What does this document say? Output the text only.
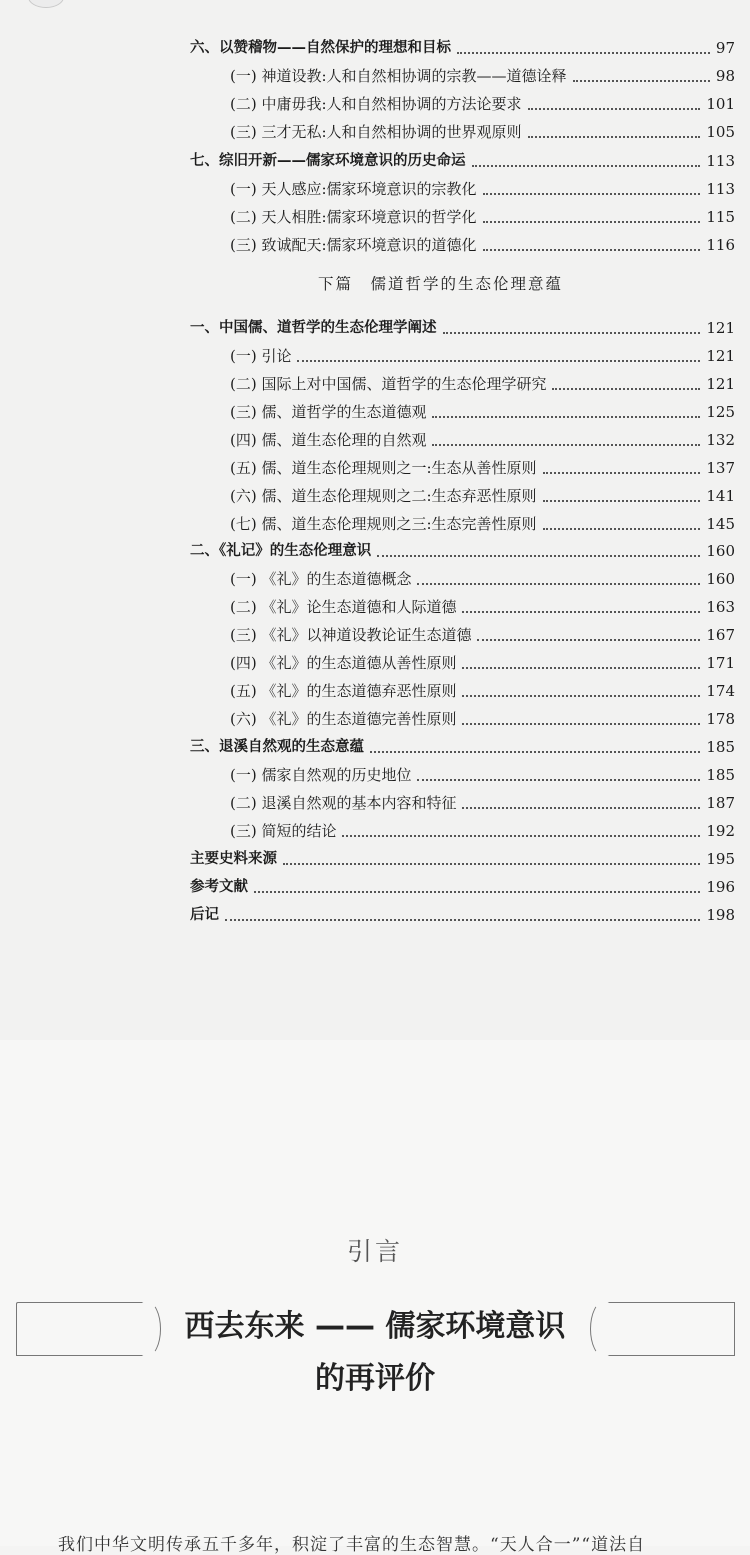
六、以赞稽物——自然保护的理想和目标	97
(一) 神道设教:人和自然相协调的宗教——道德诠释	98
(二) 中庸毋我:人和自然相协调的方法论要求	101
(三) 三才无私:人和自然相协调的世界观原则	105
七、综旧开新——儒家环境意识的历史命运	113
(一) 天人感应:儒家环境意识的宗教化	113
(二) 天人相胜:儒家环境意识的哲学化	115
(三) 致诚配天:儒家环境意识的道德化	116
一、中国儒、道哲学的生态伦理学阐述	121
(一) 引论	121
(二) 国际上对中国儒、道哲学的生态伦理学研究	121
(三) 儒、道哲学的生态道德观	125
(四) 儒、道生态伦理的自然观	132
(五) 儒、道生态伦理规则之一:生态从善性原则	137
(六) 儒、道生态伦理规则之二:生态弃恶性原则	141
(七) 儒、道生态伦理规则之三:生态完善性原则	145
二、《礼记》的生态伦理意识	160
(一) 《礼》的生态道德概念	160
(二) 《礼》论生态道德和人际道德	163
(三) 《礼》以神道设教论证生态道德	167
(四) 《礼》的生态道德从善性原则	171
(五) 《礼》的生态道德弃恶性原则	174
(六) 《礼》的生态道德完善性原则	178
三、退溪自然观的生态意蕴	185
(一) 儒家自然观的历史地位	185
(二) 退溪自然观的基本内容和特征	187
(三) 简短的结论	192
主要史料来源	195
参考文献	196
后记	198
下篇　儒道哲学的生态伦理意蕴
引言
西去东来 —— 儒家环境意识
的再评价
我们中华文明传承五千多年，积淀了丰富的生态智慧。“天人合一”“道法自
